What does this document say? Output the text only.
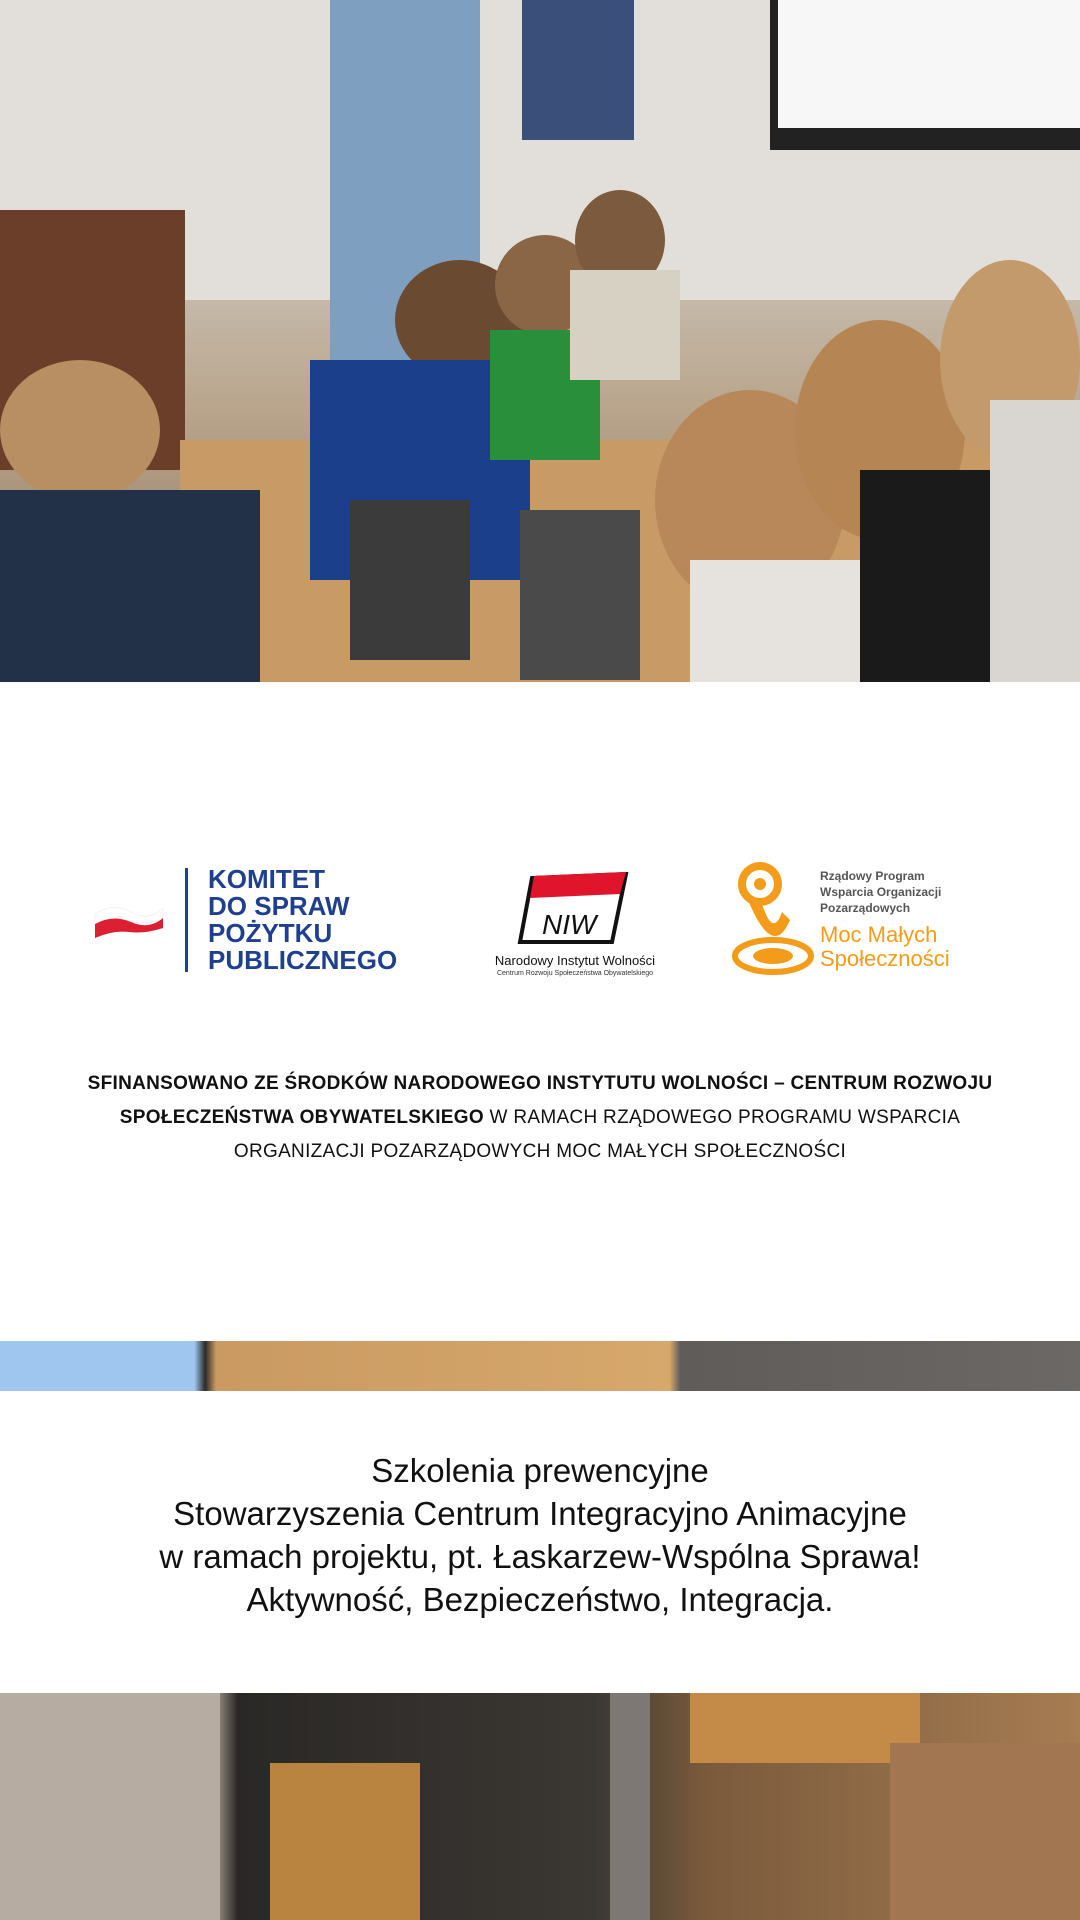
KOMITET
DO SPRAW
POŻYTKU
PUBLICZNEGO
NIW
Narodowy Instytut Wolności
Centrum Rozwoju Społeczeństwa Obywatelskiego
Rządowy Program
Wsparcia Organizacji
Pozarządowych
Moc Małych
Społeczności
SFINANSOWANO ZE ŚRODKÓW NARODOWEGO INSTYTUTU WOLNOŚCI – CENTRUM ROZWOJU SPOŁECZEŃSTWA OBYWATELSKIEGO W RAMACH RZĄDOWEGO PROGRAMU WSPARCIA ORGANIZACJI POZARZĄDOWYCH MOC MAŁYCH SPOŁECZNOŚCI
Szkolenia prewencyjne
Stowarzyszenia Centrum Integracyjno Animacyjne
w ramach projektu, pt. Łaskarzew-Wspólna Sprawa!
Aktywność, Bezpieczeństwo, Integracja.
